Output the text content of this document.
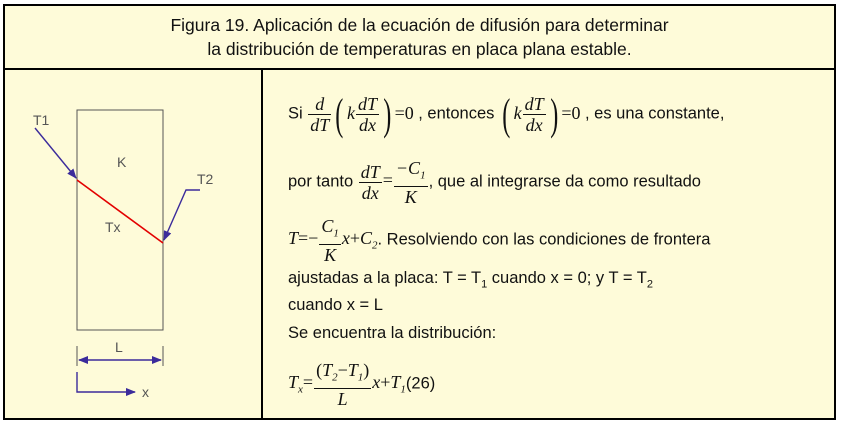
Figura 19. Aplicación de la ecuación de difusión para determinar
la distribución de temperaturas en placa plana estable.
T1
T2
K
Tx
L
x
Si $\frac{d}{dT}$ ( k $\frac{dT}{dx}$ ) =0 , entonces ( k $\frac{dT}{dx}$ ) =0 , es una constante,
por tanto $\frac{dT}{dx} = \frac{-C_1}{K}$ , que al integrarse da como resultado
$T=- \frac{C_1}{K} x+C_2$. Resolviendo con las condiciones de frontera
ajustadas a la placa: $T = T_1$ cuando x = 0; y $T = T_2$
cuando x = L
Se encuentra la distribución:
$T_x= \frac{(T_2-T_1)}{L} x+T_1(26)$
